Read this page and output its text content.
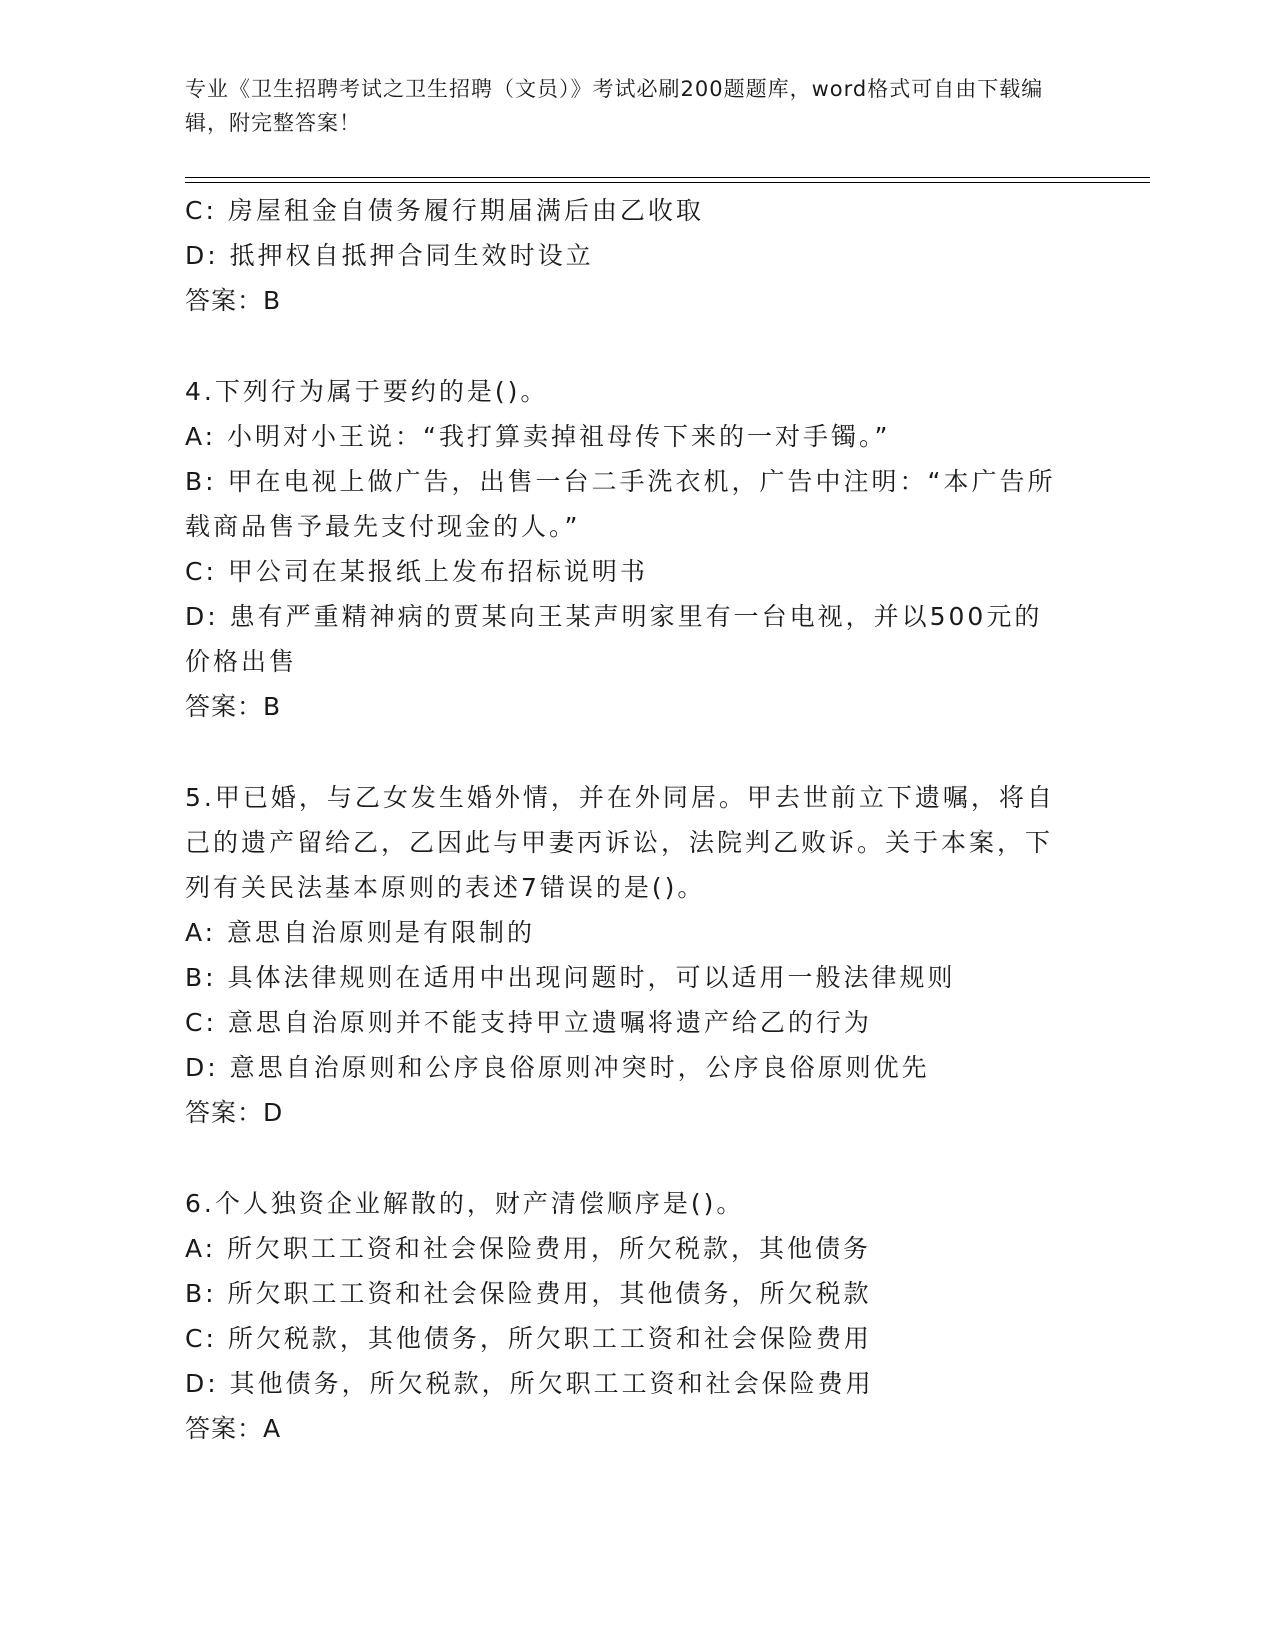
专业《卫生招聘考试之卫生招聘（文员）》考试必刷200题题库，word格式可自由下载编辑，附完整答案！
C: 房屋租金自债务履行期届满后由乙收取
D: 抵押权自抵押合同生效时设立
答案：B
4.下列行为属于要约的是()。
A: 小明对小王说：“我打算卖掉祖母传下来的一对手镯。”
B: 甲在电视上做广告，出售一台二手洗衣机，广告中注明：“本广告所载商品售予最先支付现金的人。”
C: 甲公司在某报纸上发布招标说明书
D: 患有严重精神病的贾某向王某声明家里有一台电视，并以500元的价格出售
答案：B
5.甲已婚，与乙女发生婚外情，并在外同居。甲去世前立下遗嘱，将自己的遗产留给乙，乙因此与甲妻丙诉讼，法院判乙败诉。关于本案，下列有关民法基本原则的表述7错误的是()。
A: 意思自治原则是有限制的
B: 具体法律规则在适用中出现问题时，可以适用一般法律规则
C: 意思自治原则并不能支持甲立遗嘱将遗产给乙的行为
D: 意思自治原则和公序良俗原则冲突时，公序良俗原则优先
答案：D
6.个人独资企业解散的，财产清偿顺序是()。
A: 所欠职工工资和社会保险费用，所欠税款，其他债务
B: 所欠职工工资和社会保险费用，其他债务，所欠税款
C: 所欠税款，其他债务，所欠职工工资和社会保险费用
D: 其他债务，所欠税款，所欠职工工资和社会保险费用
答案：A
